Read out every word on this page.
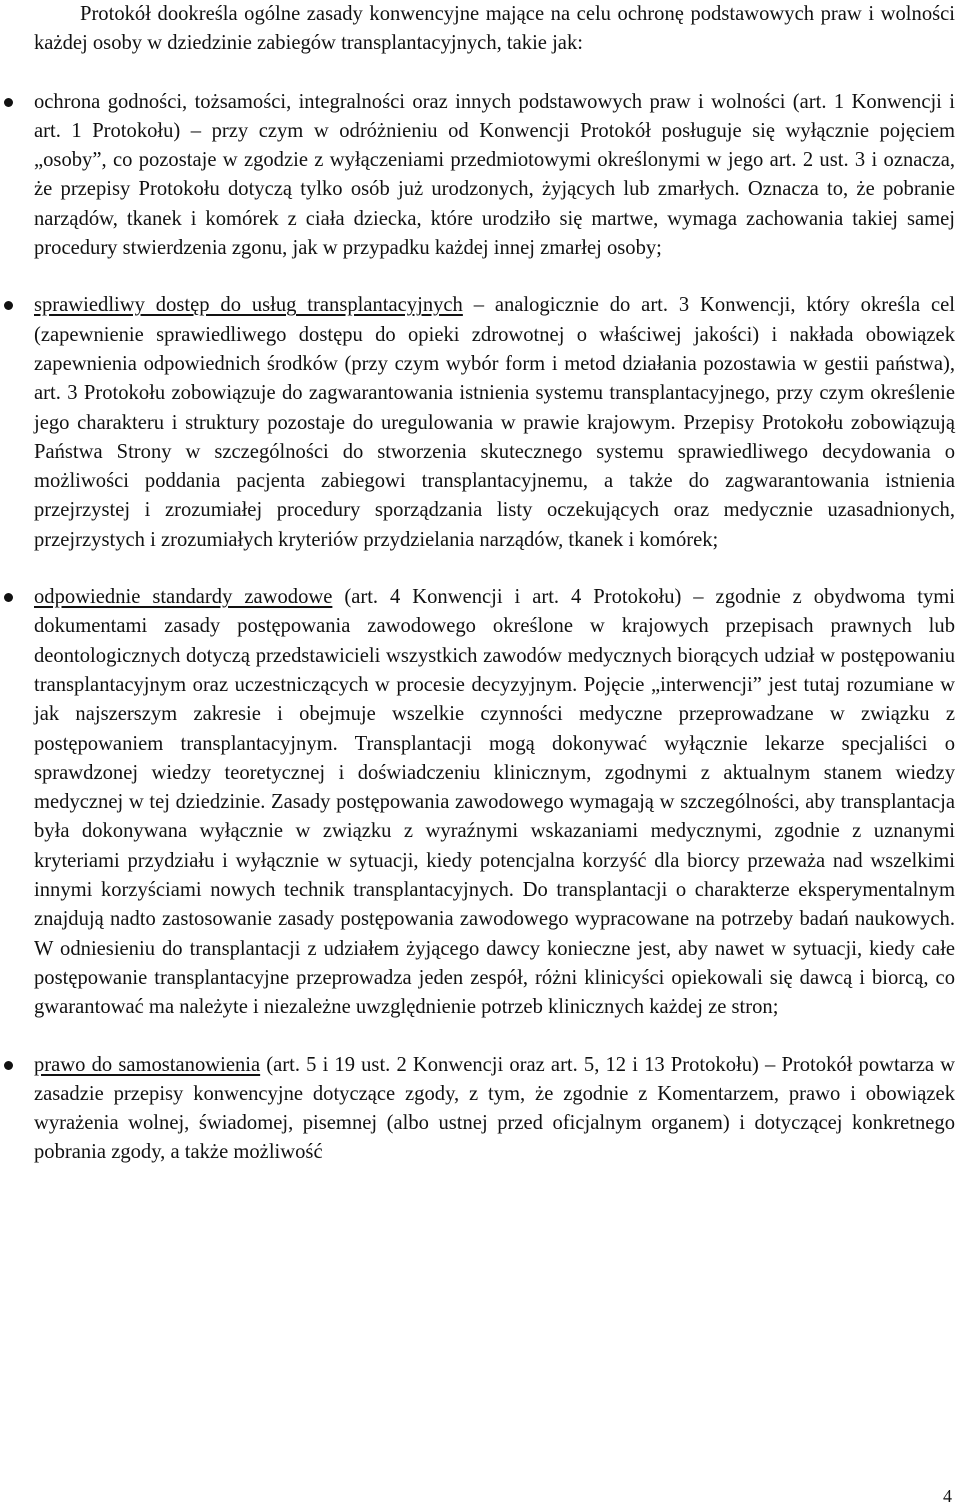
Protokół dookreśla ogólne zasady konwencyjne mające na celu ochronę podstawowych praw i wolności każdej osoby w dziedzinie zabiegów transplantacyjnych, takie jak:

ochrona godności, tożsamości, integralności oraz innych podstawowych praw i wolności (art. 1 Konwencji i art. 1 Protokołu) – przy czym w odróżnieniu od Konwencji Protokół posługuje się wyłącznie pojęciem „osoby”, co pozostaje w zgodzie z wyłączeniami przedmiotowymi określonymi w jego art. 2 ust. 3 i oznacza, że przepisy Protokołu dotyczą tylko osób już urodzonych, żyjących lub zmarłych. Oznacza to, że pobranie narządów, tkanek i komórek z ciała dziecka, które urodziło się martwe, wymaga zachowania takiej samej procedury stwierdzenia zgonu, jak w przypadku każdej innej zmarłej osoby;
sprawiedliwy dostęp do usług transplantacyjnych – analogicznie do art. 3 Konwencji, który określa cel (zapewnienie sprawiedliwego dostępu do opieki zdrowotnej o właściwej jakości) i nakłada obowiązek zapewnienia odpowiednich środków (przy czym wybór form i metod działania pozostawia w gestii państwa), art. 3 Protokołu zobowiązuje do zagwarantowania istnienia systemu transplantacyjnego, przy czym określenie jego charakteru i struktury pozostaje do uregulowania w prawie krajowym. Przepisy Protokołu zobowiązują Państwa Strony w szczególności do stworzenia skutecznego systemu sprawiedliwego decydowania o możliwości poddania pacjenta zabiegowi transplantacyjnemu, a także do zagwarantowania istnienia przejrzystej i zrozumiałej procedury sporządzania listy oczekujących oraz medycznie uzasadnionych, przejrzystych i zrozumiałych kryteriów przydzielania narządów, tkanek i komórek;
odpowiednie standardy zawodowe (art. 4 Konwencji i art. 4 Protokołu) – zgodnie z obydwoma tymi dokumentami zasady postępowania zawodowego określone w krajowych przepisach prawnych lub deontologicznych dotyczą przedstawicieli wszystkich zawodów medycznych biorących udział w postępowaniu transplantacyjnym oraz uczestniczących w procesie decyzyjnym. Pojęcie „interwencji” jest tutaj rozumiane w jak najszerszym zakresie i obejmuje wszelkie czynności medyczne przeprowadzane w związku z postępowaniem transplantacyjnym. Transplantacji mogą dokonywać wyłącznie lekarze specjaliści o sprawdzonej wiedzy teoretycznej i doświadczeniu klinicznym, zgodnymi z aktualnym stanem wiedzy medycznej w tej dziedzinie. Zasady postępowania zawodowego wymagają w szczególności, aby transplantacja była dokonywana wyłącznie w związku z wyraźnymi wskazaniami medycznymi, zgodnie z uznanymi kryteriami przydziału i wyłącznie w sytuacji, kiedy potencjalna korzyść dla biorcy przeważa nad wszelkimi innymi korzyściami nowych technik transplantacyjnych. Do transplantacji o charakterze eksperymentalnym znajdują nadto zastosowanie zasady postępowania zawodowego wypracowane na potrzeby badań naukowych. W odniesieniu do transplantacji z udziałem żyjącego dawcy konieczne jest, aby nawet w sytuacji, kiedy całe postępowanie transplantacyjne przeprowadza jeden zespół, różni klinicyści opiekowali się dawcą i biorcą, co gwarantować ma należyte i niezależne uwzględnienie potrzeb klinicznych każdej ze stron;
prawo do samostanowienia (art. 5 i 19 ust. 2 Konwencji oraz art. 5, 12 i 13 Protokołu) – Protokół powtarza w zasadzie przepisy konwencyjne dotyczące zgody, z tym, że zgodnie z Komentarzem, prawo i obowiązek wyrażenia wolnej, świadomej, pisemnej (albo ustnej przed oficjalnym organem) i dotyczącej konkretnego pobrania zgody, a także możliwość
4
